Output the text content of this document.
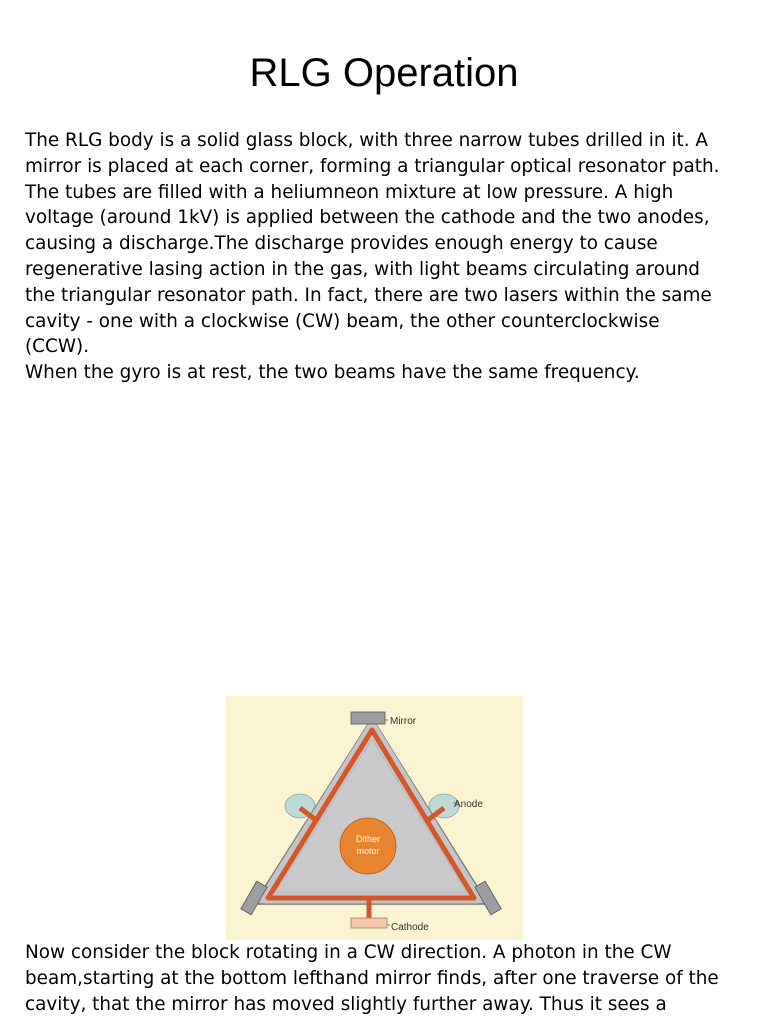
RLG Operation
The RLG body is a solid glass block, with three narrow tubes drilled in it. A
mirror is placed at each corner, forming a triangular optical resonator path.
The tubes are filled with a heliumneon mixture at low pressure. A high
voltage (around 1kV) is applied between the cathode and the two anodes,
causing a discharge.The discharge provides enough energy to cause
regenerative lasing action in the gas, with light beams circulating around
the triangular resonator path. In fact, there are two lasers within the same
cavity - one with a clockwise (CW) beam, the other counterclockwise
(CCW).
When the gyro is at rest, the two beams have the same frequency.
Dither
motor
Mirror
Anode
Cathode
Now consider the block rotating in a CW direction. A photon in the CW
beam,starting at the bottom lefthand mirror finds, after one traverse of the
cavity, that the mirror has moved slightly further away. Thus it sees a
